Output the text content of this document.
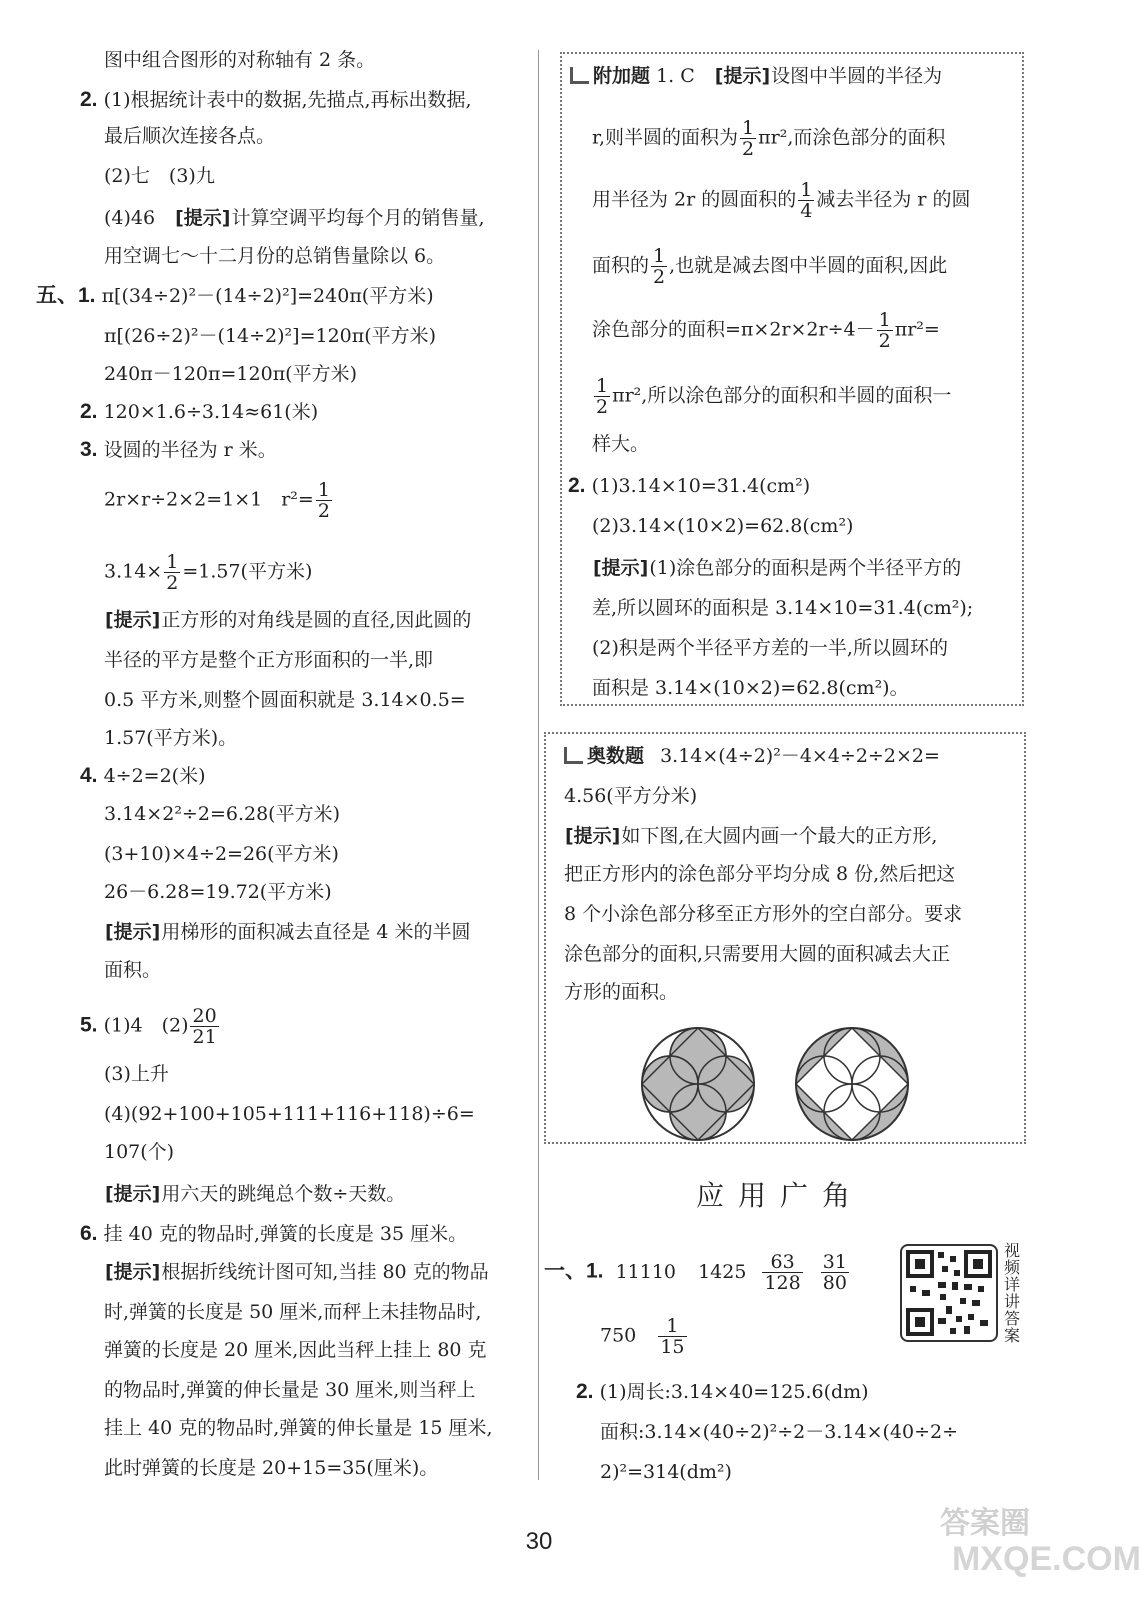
图中组合图形的对称轴有 2 条。
2. (1)根据统计表中的数据,先描点,再标出数据,
最后顺次连接各点。
(2)七　(3)九
(4)46　[提示]计算空调平均每个月的销售量,
用空调七～十二月份的总销售量除以 6。
五、1. π[(34÷2)²－(14÷2)²]=240π(平方米)
π[(26÷2)²－(14÷2)²]=120π(平方米)
240π－120π=120π(平方米)
2. 120×1.6÷3.14≈61(米)
3. 设圆的半径为 r 米。
2r×r÷2×2=1×1　$r^2= \frac{1}{2}$
$3.14\times \frac{1}{2} =1.57$(平方米)
[提示]正方形的对角线是圆的直径,因此圆的
半径的平方是整个正方形面积的一半,即
0.5 平方米,则整个圆面积就是 3.14×0.5=
1.57(平方米)。
4. 4÷2=2(米)
3.14×2²÷2=6.28(平方米)
(3+10)×4÷2=26(平方米)
26－6.28=19.72(平方米)
[提示]用梯形的面积减去直径是 4 米的半圆
面积。
5. (1)4　$(2) \frac{20}{21}$
(3)上升
(4)(92+100+105+111+116+118)÷6=
107(个)
[提示]用六天的跳绳总个数÷天数。
6. 挂 40 克的物品时,弹簧的长度是 35 厘米。
[提示]根据折线统计图可知,当挂 80 克的物品
时,弹簧的长度是 50 厘米,而秤上未挂物品时,
弹簧的长度是 20 厘米,因此当秤上挂上 80 克
的物品时,弹簧的伸长量是 30 厘米,则当秤上
挂上 40 克的物品时,弹簧的伸长量是 15 厘米,
此时弹簧的长度是 20+15=35(厘米)。
附加题 1. C　[提示]设图中半圆的半径为
r,则半圆的面积为 $\frac{1}{2} \pi r^2$,而涂色部分的面积
用半径为 2r 的圆面积的 $\frac{1}{4}$ 减去半径为 r 的圆
面积的 $\frac{1}{2}$ ,也就是减去图中半圆的面积,因此
涂色部分的面积$=\pi\times 2r\times 2r\div 4- \frac{1}{2} \pi r^2=$
$\frac{1}{2} \pi r^2$,所以涂色部分的面积和半圆的面积一
样大。
2. (1)3.14×10=31.4(cm²)
(2)3.14×(10×2)=62.8(cm²)
[提示](1)涂色部分的面积是两个半径平方的
差,所以圆环的面积是 3.14×10=31.4(cm²);
(2)积是两个半径平方差的一半,所以圆环的
面积是 3.14×(10×2)=62.8(cm²)。
奥数题 3.14×(4÷2)²－4×4÷2÷2×2=
4.56(平方分米)
[提示]如下图,在大圆内画一个最大的正方形,
把正方形内的涂色部分平均分成 8 份,然后把这
8 个小涂色部分移至正方形外的空白部分。要求
涂色部分的面积,只需要用大圆的面积减去大正
方形的面积。
应用广角
一、1. 11110 $1425 \frac{63}{128}$
$\frac{31}{80}$
$750 \frac{1}{15}$
2. (1)周长:3.14×40=125.6(dm)
面积:3.14×(40÷2)²÷2－3.14×(40÷2÷
2)²=314(dm²)
视频详讲答案
30
答案圈
MXQE.COM
